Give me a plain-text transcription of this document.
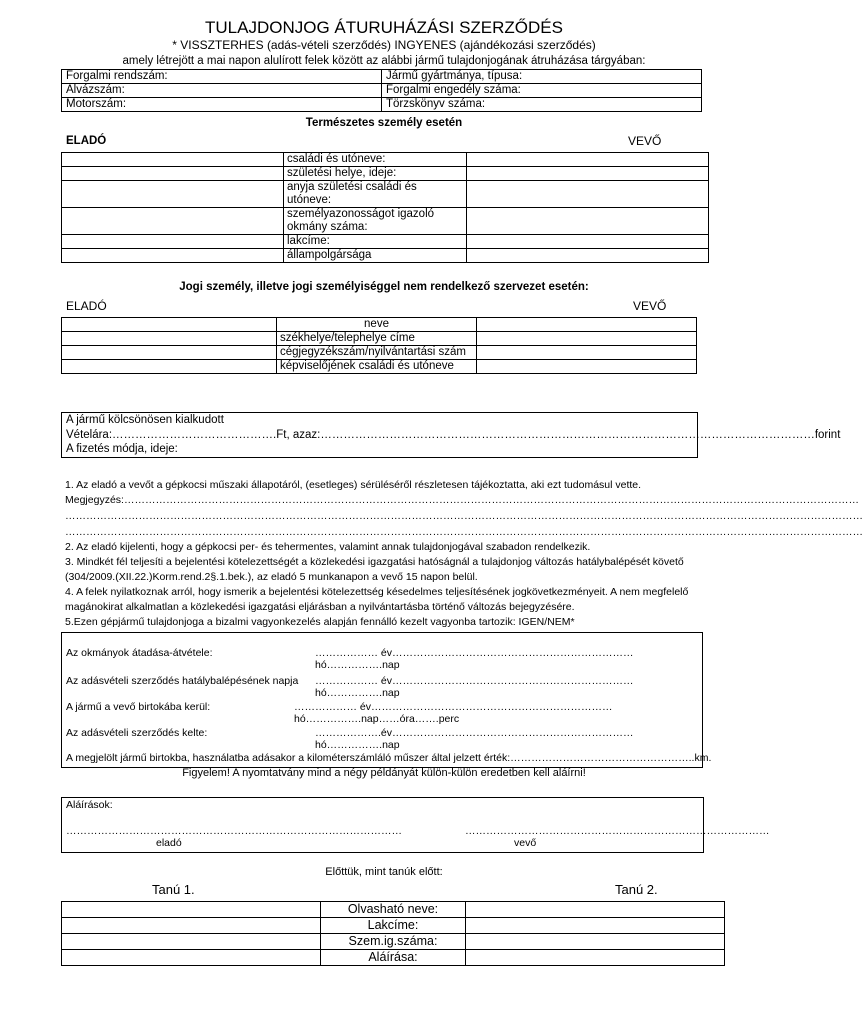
TULAJDONJOG ÁTURUHÁZÁSI SZERZŐDÉS
* VISSZTERHES (adás-vételi szerződés) INGYENES (ajándékozási szerződés)
amely létrejött a mai napon alulírott felek között az alábbi jármű tulajdonjogának átruházása tárgyában:
Forgalmi rendszám:	Jármű gyártmánya, típusa:
Alvázszám:	Forgalmi engedély száma:
Motorszám:	Törzskönyv száma:
Természetes személy esetén
ELADÓ	VEVŐ
	családi és utóneve:	
	születési helye, ideje:	
	anyja születési családi és utóneve:	
	személyazonosságot igazoló okmány száma:	
	lakcíme:	
	állampolgársága	
Jogi személy, illetve jogi személyiséggel nem rendelkező szervezet esetén:
ELADÓ	VEVŐ
	neve	
	székhelye/telephelye címe	
	cégjegyzékszám/nyilvántartási szám	
	képviselőjének családi és utóneve	
A jármű kölcsönösen kialkudott
Vételára:…………………………………….Ft, azaz:…………………………………………………………………………………………………………………forint
A fizetés módja, ideje:
1. Az eladó a vevőt a gépkocsi műszaki állapotáról, (esetleges) sérüléséről részletesen tájékoztatta, aki ezt tudomásul vette.
Megjegyzés:…………………………………………………………………………………………………………………………………………………………………………………………
…………………………………………………………………………………………………………………………………………………………………………………………………………
…………………………………………………………………………………………………………………………………………………………………………………………………………
2. Az eladó kijelenti, hogy a gépkocsi per- és tehermentes, valamint annak tulajdonjogával szabadon rendelkezik.
3. Mindkét fél teljesíti a bejelentési kötelezettségét a közlekedési igazgatási hatóságnál a tulajdonjog változás hatálybalépését követő
(304/2009.(XII.22.)Korm.rend.2§.1.bek.), az eladó 5 munkanapon a vevő 15 napon belül.
4. A felek nyilatkoznak arról, hogy ismerik a bejelentési kötelezettség késedelmes teljesítésének jogkövetkezményeit. A nem megfelelő
magánokirat alkalmatlan a közlekedési igazgatási eljárásban a nyilvántartásba történő változás bejegyzésére.
5.Ezen gépjármű tulajdonjoga a bizalmi vagyonkezelés alapján fennálló kezelt vagyonba tartozik: IGEN/NEM*
Az okmányok átadása-átvétele:	……………… év……………………………………………………………hó…………….nap
Az adásvételi szerződés hatálybalépésének napja ……………… év……………………………………………………………hó…………….nap
A jármű a vevő birtokába kerül:	……………… év……………………………………………………………hó…………….nap……óra…….perc
Az adásvételi szerződés kelte:	……………….év……………………………………………………………hó…………….nap
A megjelölt jármű birtokba, használatba adásakor a kilométerszámláló műszer által jelzett érték:……………………………………………..km.
Figyelem! A nyomtatvány mind a négy példányát külön-külön eredetben kell aláírni!
Aláírások:
……………………………………………………………………………………	……………………………………………………………………………
eladó	vevő
Előttük, mint tanúk előtt:
Tanú 1.	Tanú 2.
	Olvasható neve:	
	Lakcíme:	
	Szem.ig.száma:	
	Aláírása:	
